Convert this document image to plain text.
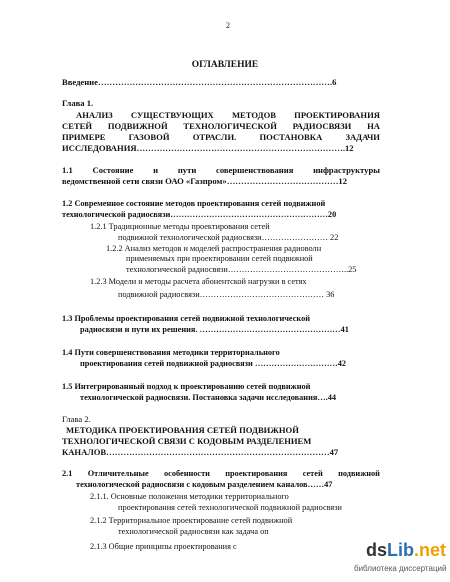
2
ОГЛАВЛЕНИЕ
Введение……………………………………………………………………….6
Глава 1.
АНАЛИЗ СУЩЕСТВУЮЩИХ МЕТОДОВ ПРОЕКТИРОВАНИЯ
СЕТЕЙ ПОДВИЖНОЙ ТЕХНОЛОГИЧЕСКОЙ РАДИОСВЯЗИ НА
ПРИМЕРЕ	ГАЗОВОЙ	ОТРАСЛИ.	ПОСТАНОВКА	ЗАДАЧИ
ИССЛЕДОВАНИЯ……………………………………………………………….12
1.1 Состояние и пути совершенствования инфраструктуры
ведомственной сети связи ОАО «Газпром»…………………………………12
1.2 Современное состояние методов проектирования сетей подвижной
технологической радиосвязи…………………………………………………20
1.2.1 Традиционные методы проектирования сетей
подвижной технологической радиосвязи…………………… 22
1.2.2 Анализ методов и моделей распространения радиоволн
применяемых при проектировании сетей подвижной
технологической радиосвязи……………………………………..25
1.2.3 Модели и методы расчета абонентской нагрузки в сетях
подвижной радиосвязи……………………………………… 36
1.3 Проблемы проектирования сетей подвижной технологической
радиосвязи и пути их решения. ……………………………………………41
1.4 Пути совершенствования методики территориального
проектирования сетей подвижной радиосвязи …………………………42
1.5 Интегрированный подход к проектированию сетей подвижной
технологической радиосвязи. Постановка задачи исследования….44
Глава 2.
МЕТОДИКА ПРОЕКТИРОВАНИЯ СЕТЕЙ ПОДВИЖНОЙ
ТЕХНОЛОГИЧЕСКОЙ СВЯЗИ С КОДОВЫМ РАЗДЕЛЕНИЕМ
КАНАЛОВ……………………………………………………………………47
2.1 Отличительные особенности проектирования сетей подвижной
технологической радиосвязи с кодовым разделением каналов……47
2.1.1. Основные положения методики территориального
проектирования сетей технологической подвижной радиосвязи
2.1.2 Территориальное проектирование сетей подвижной
технологической радиосвязи как задача оп
2.1.3 Общие принципы проектирования с	dsLib.net
библиотека диссертаций
